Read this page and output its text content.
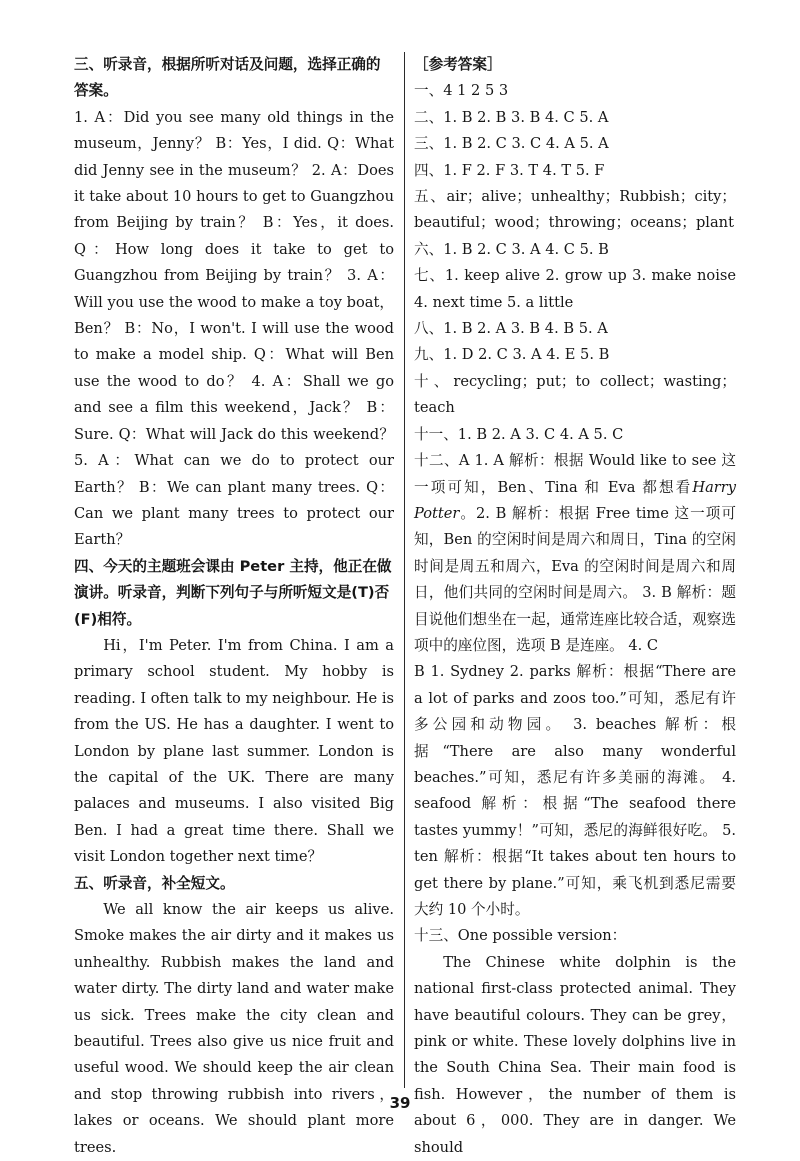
三、听录音，根据所听对话及问题，选择正确的答案。

1. A：Did you see many old things in the museum，Jenny？ B：Yes，I did. Q：What did Jenny see in the museum？ 2. A：Does it take about 10 hours to get to Guangzhou from Beijing by train？ B：Yes，it does. Q：How long does it take to get to Guangzhou from Beijing by train？ 3. A：Will you use the wood to make a toy boat，Ben？ B：No，I won't. I will use the wood to make a model ship. Q：What will Ben use the wood to do？ 4. A：Shall we go and see a film this weekend，Jack？ B：Sure. Q：What will Jack do this weekend？ 5. A：What can we do to protect our Earth？ B：We can plant many trees. Q：Can we plant many trees to protect our Earth？

四、今天的主题班会课由 Peter 主持，他正在做演讲。听录音，判断下列句子与所听短文是(T)否(F)相符。

Hi，I'm Peter. I'm from China. I am a primary school student. My hobby is reading. I often talk to my neighbour. He is from the US. He has a daughter. I went to London by plane last summer. London is the capital of the UK. There are many palaces and museums. I also visited Big Ben. I had a great time there. Shall we visit London together next time？

五、听录音，补全短文。

We all know the air keeps us alive. Smoke makes the air dirty and it makes us unhealthy. Rubbish makes the land and water dirty. The dirty land and water make us sick. Trees make the city clean and beautiful. Trees also give us nice fruit and useful wood. We should keep the air clean and stop throwing rubbish into rivers，lakes or oceans. We should plant more trees.

［参考答案］

一、4 1 2 5 3

二、1. B 2. B 3. B 4. C 5. A

三、1. B 2. C 3. C 4. A 5. A

四、1. F 2. F 3. T 4. T 5. F

五、air；alive；unhealthy；Rubbish；city；beautiful；wood；throwing；oceans；plant

六、1. B 2. C 3. A 4. C 5. B

七、1. keep alive 2. grow up 3. make noise 4. next time 5. a little

八、1. B 2. A 3. B 4. B 5. A

九、1. D 2. C 3. A 4. E 5. B

十、recycling；put；to collect；wasting；teach

十一、1. B 2. A 3. C 4. A 5. C

十二、A 1. A 解析：根据 Would like to see 这一项可知，Ben、Tina 和 Eva 都想看Harry Potter。2. B 解析：根据 Free time 这一项可知，Ben 的空闲时间是周六和周日，Tina 的空闲时间是周五和周六，Eva 的空闲时间是周六和周日，他们共同的空闲时间是周六。 3. B 解析：题目说他们想坐在一起，通常连座比较合适，观察选项中的座位图，选项 B 是连座。 4. C

B 1. Sydney 2. parks 解析：根据“There are a lot of parks and zoos too.”可知，悉尼有许多公园和动物园。 3. beaches 解析：根据“There are also many wonderful beaches.”可知，悉尼有许多美丽的海滩。 4. seafood 解析：根据“The seafood there tastes yummy！”可知，悉尼的海鲜很好吃。 5. ten 解析：根据“It takes about ten hours to get there by plane.”可知，乘飞机到悉尼需要大约 10 个小时。

十三、One possible version：

The Chinese white dolphin is the national first-class protected animal. They have beautiful colours. They can be grey，pink or white. These lovely dolphins live in the South China Sea. Their main food is fish. However，the number of them is about 6，000. They are in danger. We should

39
